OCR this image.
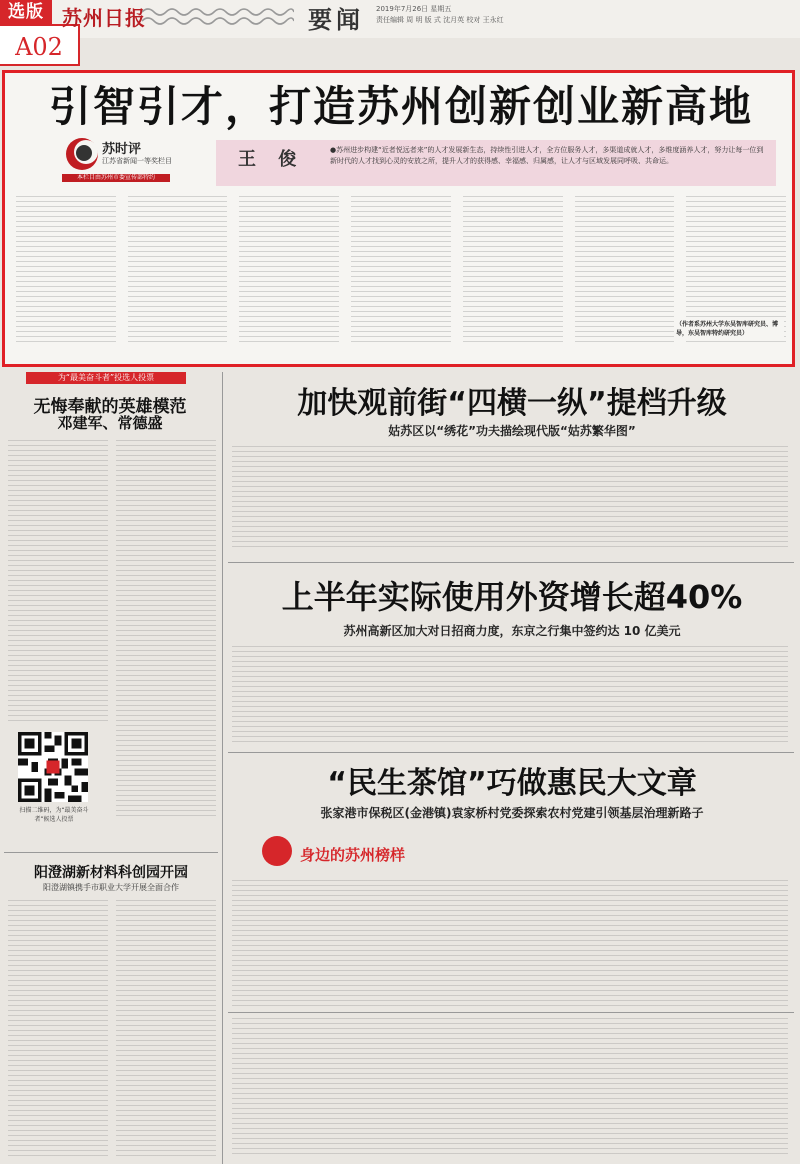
选版
A02
苏州日报	要闻 2019年7月26日 星期五
责任编辑 周 明 版 式 沈月英 校对 王永红
引智引才，打造苏州创新创业新高地
苏时评
江苏省新闻一等奖栏目
本栏目由苏州市委宣传部特约
王 俊	●苏州进步构建“近者悦远者来”的人才发展新生态，持续性引进人才，全方位服务人才，多渠道成就人才，多维度涵养人才，努力让每一位到新时代的人才找到心灵的安放之所，提升人才的获得感、幸福感、归属感，让人才与区域发展同呼吸、共命运。
（作者系苏州大学东吴智库研究员、博导，东吴智库特约研究员）
为“最美奋斗者”投选人投票
无悔奉献的英雄模范
邓建军、常德盛
扫描二维码，为“最美奋斗者”候选人投票
阳澄湖新材料科创园开园
阳澄湖镇携手市职业大学开展全面合作
加快观前街“四横一纵”提档升级
姑苏区以“绣花”功夫描绘现代版“姑苏繁华图”
上半年实际使用外资增长超40%
苏州高新区加大对日招商力度，东京之行集中签约达 10 亿美元
“民生茶馆”巧做惠民大文章
张家港市保税区(金港镇)袁家桥村党委探索农村党建引领基层治理新路子
身边的苏州榜样
